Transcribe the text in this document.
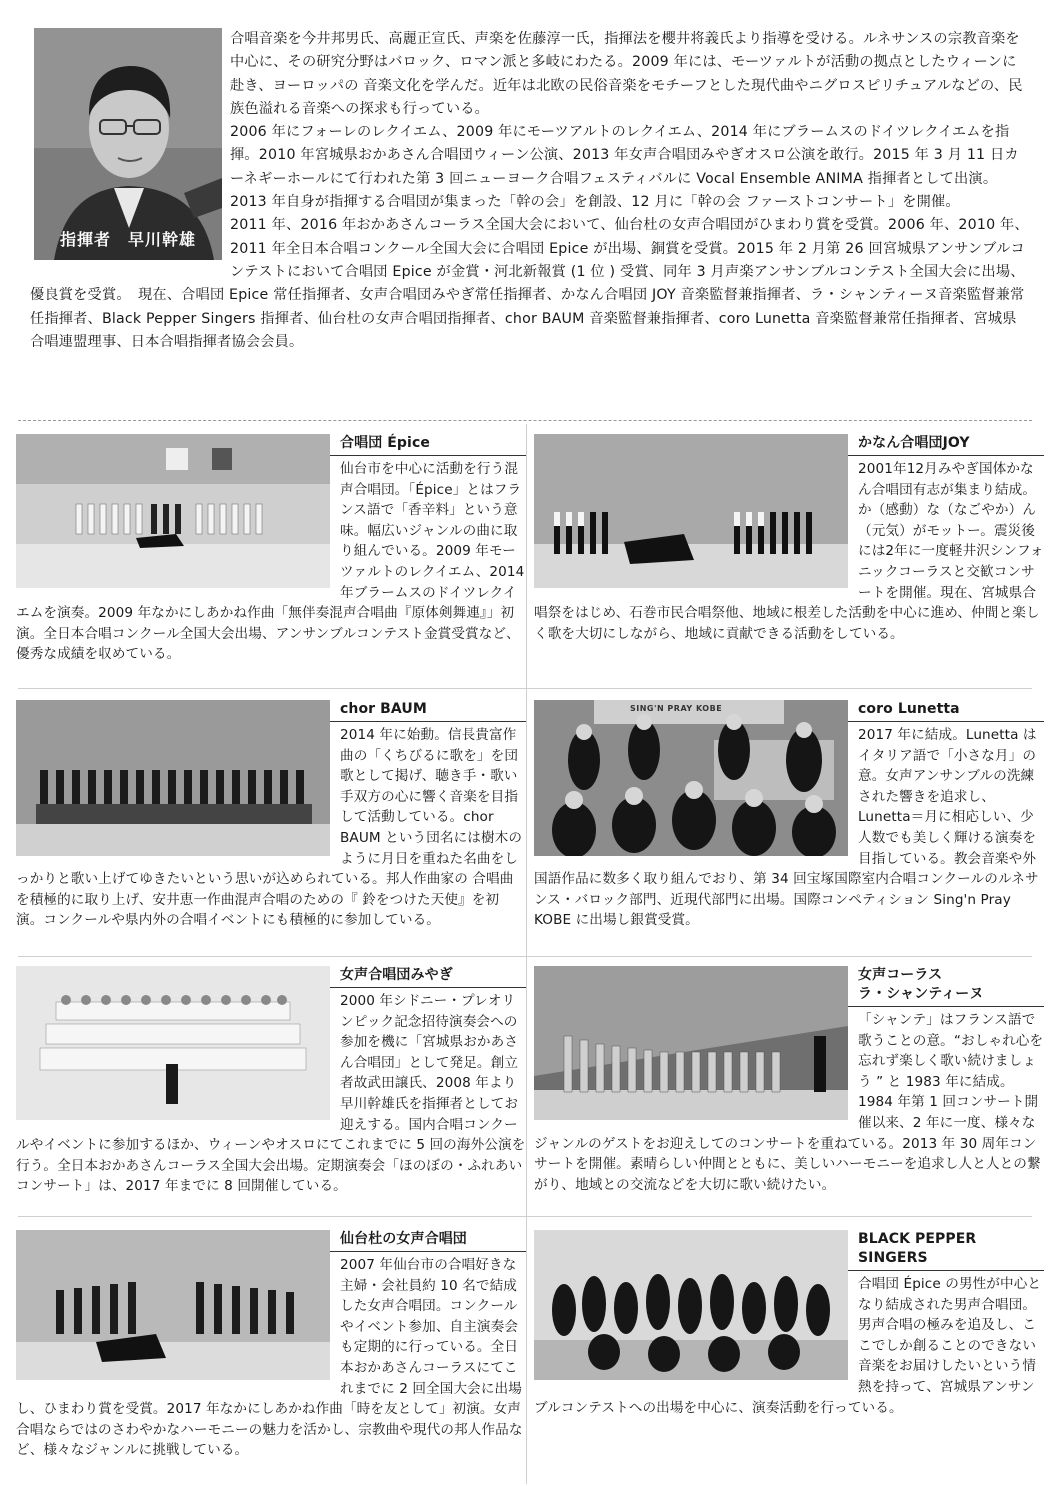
指揮者　早川幹雄

合唱音楽を今井邦男氏、高麗正宣氏、声楽を佐藤淳一氏，指揮法を櫻井将義氏より指導を受ける。ルネサンスの宗教音楽を中心に、その研究分野はバロック、ロマン派と多岐にわたる。2009 年には、モーツァルトが活動の拠点としたウィーンに赴き、ヨーロッパの 音楽文化を学んだ。近年は北欧の民俗音楽をモチーフとした現代曲やニグロスピリチュアルなどの、民族色溢れる音楽への探求も行っている。

2006 年にフォーレのレクイエム、2009 年にモーツアルトのレクイエム、2014 年にブラームスのドイツレクイエムを指揮。2010 年宮城県おかあさん合唱団ウィーン公演、2013 年女声合唱団みやぎオスロ公演を敢行。2015 年 3 月 11 日カーネギーホールにて行われた第 3 回ニューヨーク合唱フェスティバルに Vocal Ensemble ANIMA 指揮者として出演。2013 年自身が指揮する合唱団が集まった「幹の会」を創設、12 月に「幹の会 ファーストコンサート」を開催。

2011 年、2016 年おかあさんコーラス全国大会において、仙台杜の女声合唱団がひまわり賞を受賞。2006 年、2010 年、2011 年全日本合唱コンクール全国大会に合唱団 Epice が出場、銅賞を受賞。2015 年 2 月第 26 回宮城県アンサンブルコンテストにおいて合唱団 Epice が金賞・河北新報賞 (1 位 ) 受賞、同年 3 月声楽アンサンブルコンテスト全国大会に出場、優良賞を受賞。　現在、合唱団 Epice 常任指揮者、女声合唱団みやぎ常任指揮者、かなん合唱団 JOY 音楽監督兼指揮者、ラ・シャンティーヌ音楽監督兼常任指揮者、Black Pepper Singers 指揮者、仙台杜の女声合唱団指揮者、chor BAUM 音楽監督兼指揮者、coro Lunetta 音楽監督兼常任指揮者、宮城県合唱連盟理事、日本合唱指揮者協会会員。

合唱団 Épice
仙台市を中心に活動を行う混声合唱団。「Épice」とはフランス語で「香辛料」という意味。幅広いジャンルの曲に取り組んでいる。2009 年モーツァルトのレクイエム、2014 年ブラームスのドイツレクイエムを演奏。2009 年なかにしあかね作曲「無伴奏混声合唱曲『原体剣舞連』」初演。全日本合唱コンクール全国大会出場、アンサンブルコンテスト金賞受賞など、優秀な成績を収めている。
かなん合唱団JOY
2001年12月みやぎ国体かなん合唱団有志が集まり結成。か（感動）な（なごやか）ん（元気）がモットー。震災後には2年に一度軽井沢シンフォニックコーラスと交歓コンサートを開催。現在、宮城県合唱祭をはじめ、石巻市民合唱祭他、地域に根差した活動を中心に進め、仲間と楽しく歌を大切にしながら、地域に貢献できる活動をしている。
chor BAUM
2014 年に始動。信長貴富作曲の「くちびるに歌を」を団歌として掲げ、聴き手・歌い手双方の心に響く音楽を目指して活動している。chor BAUM という団名には樹木のように月日を重ねた名曲をしっかりと歌い上げてゆきたいという思いが込められている。邦人作曲家の 合唱曲を積極的に取り上げ、安井恵一作曲混声合唱のための『 鈴をつけた天使』を初演。コンクールや県内外の合唱イベントにも積極的に参加している。
SING'N PRAY KOBE	coro Lunetta
2017 年に結成。Lunetta はイタリア語で「小さな月」の意。女声アンサンブルの洗練された響きを追求し、Lunetta＝月に相応しい、少人数でも美しく輝ける演奏を目指している。教会音楽や外国語作品に数多く取り組んでおり、第 34 回宝塚国際室内合唱コンクールのルネサンス・バロック部門、近現代部門に出場。国際コンペティション Sing'n Pray KOBE に出場し銀賞受賞。
女声合唱団みやぎ
2000 年シドニー・プレオリンピック記念招待演奏会への参加を機に「宮城県おかあさん合唱団」として発足。創立者故武田譲氏、2008 年より早川幹雄氏を指揮者としてお迎えする。国内合唱コンクールやイベントに参加するほか、ウィーンやオスロにてこれまでに 5 回の海外公演を行う。全日本おかあさんコーラス全国大会出場。定期演奏会「ほのぼの・ふれあいコンサート」は、2017 年までに 8 回開催している。
女声コーラス
ラ・シャンティーヌ
「シャンテ」はフランス語で歌うことの意。“おしゃれ心を忘れず楽しく歌い続けましょう ” と 1983 年に結成。1984 年第 1 回コンサート開催以来、2 年に一度、様々なジャンルのゲストをお迎えしてのコンサートを重ねている。2013 年 30 周年コンサートを開催。素晴らしい仲間とともに、美しいハーモニーを追求し人と人との繋がり、地域との交流などを大切に歌い続けたい。
仙台杜の女声合唱団
2007 年仙台市の合唱好きな主婦・会社員約 10 名で結成した女声合唱団。コンクールやイベント参加、自主演奏会も定期的に行っている。全日本おかあさんコーラスにてこれまでに 2 回全国大会に出場し、ひまわり賞を受賞。2017 年なかにしあかね作曲「時を友として」初演。女声合唱ならではのさわやかなハーモニーの魅力を活かし、宗教曲や現代の邦人作品など、様々なジャンルに挑戦している。
BLACK PEPPER SINGERS
合唱団 Épice の男性が中心となり結成された男声合唱団。男声合唱の極みを追及し、ここでしか創ることのできない音楽をお届けしたいという情熱を持って、宮城県アンサンブルコンテストへの出場を中心に、演奏活動を行っている。
